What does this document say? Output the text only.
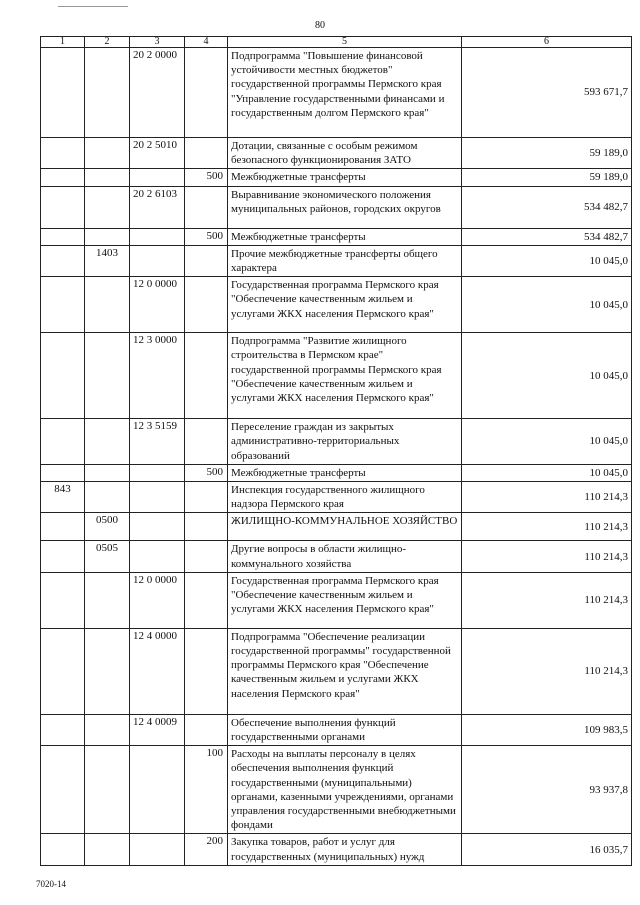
80
1	2	3	4	5	6
		20 2 0000		Подпрограмма "Повышение финансовой устойчивости местных бюджетов" государственной программы Пермского края "Управление государственными финансами и государственным долгом Пермского края"	593 671,7
		20 2 5010		Дотации, связанные с особым режимом безопасного функционирования ЗАТО	59 189,0
			500	Межбюджетные трансферты	59 189,0
		20 2 6103		Выравнивание экономического положения муниципальных районов, городских округов	534 482,7
			500	Межбюджетные трансферты	534 482,7
	1403			Прочие межбюджетные трансферты общего характера	10 045,0
		12 0 0000		Государственная программа Пермского края "Обеспечение качественным жильем и услугами ЖКХ населения Пермского края"	10 045,0
		12 3 0000		Подпрограмма "Развитие жилищного строительства в Пермском крае" государственной программы Пермского края "Обеспечение качественным жильем и услугами ЖКХ населения Пермского края"	10 045,0
		12 3 5159		Переселение граждан из закрытых административно-территориальных образований	10 045,0
			500	Межбюджетные трансферты	10 045,0
843				Инспекция государственного жилищного надзора Пермского края	110 214,3
	0500			ЖИЛИЩНО-КОММУНАЛЬНОЕ ХОЗЯЙСТВО	110 214,3
	0505			Другие вопросы в области жилищно-коммунального хозяйства	110 214,3
		12 0 0000		Государственная программа Пермского края "Обеспечение качественным жильем и услугами ЖКХ населения Пермского края"	110 214,3
		12 4 0000		Подпрограмма "Обеспечение реализации государственной программы" государственной программы Пермского края "Обеспечение качественным жильем и услугами ЖКХ населения Пермского края"	110 214,3
		12 4 0009		Обеспечение выполнения функций государственными органами	109 983,5
			100	Расходы на выплаты персоналу в целях обеспечения выполнения функций государственными (муниципальными) органами, казенными учреждениями, органами управления государственными внебюджетными фондами	93 937,8
			200	Закупка товаров, работ и услуг для государственных (муниципальных) нужд	16 035,7
7020-14
